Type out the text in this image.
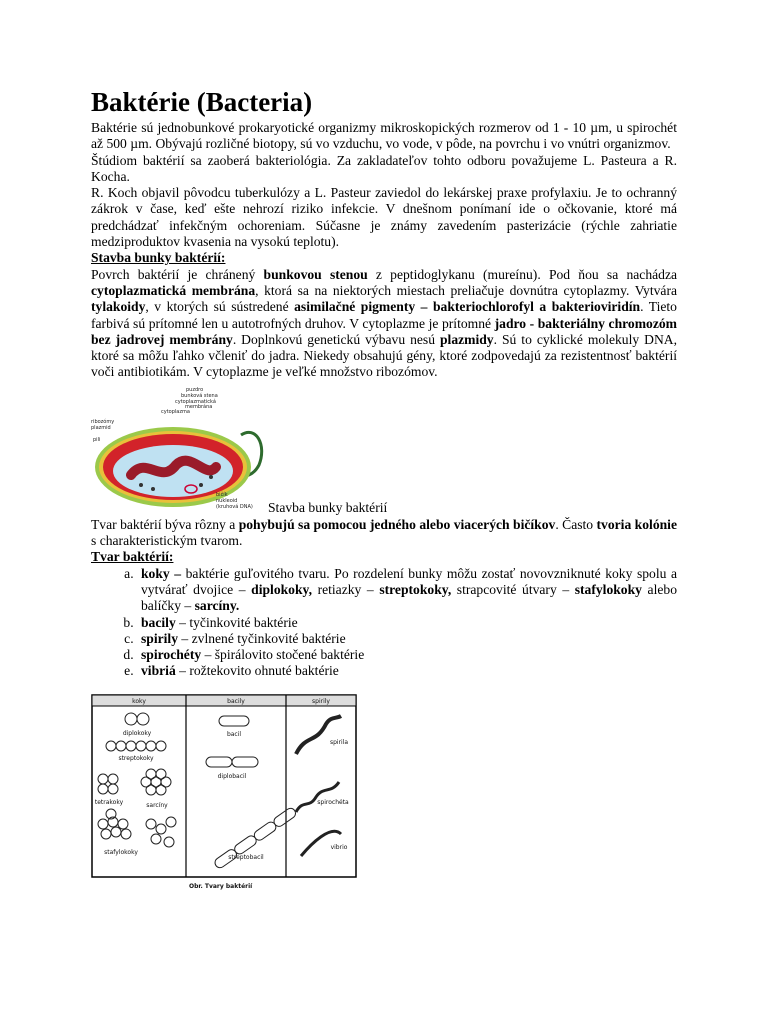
Baktérie (Bacteria)

Baktérie sú jednobunkové prokaryotické organizmy mikroskopických rozmerov od 1 - 10 µm, u spirochét až 500 µm. Obývajú rozličné biotopy, sú vo vzduchu, vo vode, v pôde, na povrchu i vo vnútri organizmov.

Štúdiom baktérií sa zaoberá bakteriológia. Za zakladateľov tohto odboru považujeme L. Pasteura a R. Kocha.

R. Koch objavil pôvodcu tuberkulózy a L. Pasteur zaviedol do lekárskej praxe profylaxiu. Je to ochranný zákrok v čase, keď ešte nehrozí riziko infekcie. V dnešnom ponímaní ide o očkovanie, ktoré má predchádzať infekčným ochoreniam. Súčasne je známy zavedením pasterizácie (rýchle zahriatie medziproduktov kvasenia na vysokú teplotu).

Stavba bunky baktérií:

Povrch baktérií je chránený bunkovou stenou z peptidoglykanu (mureínu). Pod ňou sa nachádza cytoplazmatická membrána, ktorá sa na niektorých miestach preliačuje dovnútra cytoplazmy. Vytvára tylakoidy, v ktorých sú sústredené asimilačné pigmenty – bakteriochlorofyl a bakterioviridín. Tieto farbivá sú prítomné len u autotrofných druhov. V cytoplazme je prítomné jadro - bakteriálny chromozóm bez jadrovej membrány. Doplnkovú genetickú výbavu nesú plazmidy. Sú to cyklické molekuly DNA, ktoré sa môžu ľahko včleniť do jadra. Niekedy obsahujú gény, ktoré zodpovedajú za rezistentnosť baktérií voči antibiotikám. V cytoplazme je veľké množstvo ribozómov.

puzdro
bunková stena
cytoplazmatická
membrána
cytoplazma
ribozómy
plazmid
pili
bičík
nukleoid
(kruhová DNA) Stavba bunky baktérií

Tvar baktérií býva rôzny a pohybujú sa pomocou jedného alebo viacerých bičíkov. Často tvoria kolónie s charakteristickým tvarom.

Tvar baktérií:

a. koky – baktérie guľovitého tvaru. Po rozdelení bunky môžu zostať novovzniknuté koky spolu a vytvárať dvojice – diplokoky, retiazky – streptokoky, strapcovité útvary – stafylokoky alebo balíčky – sarcíny.
b. bacily – tyčinkovité baktérie
c. spirily – zvlnené tyčinkovité baktérie
d. spirochéty – špirálovito stočené baktérie
e. vibriá – rožtekovito ohnuté baktérie
koky	bacily	spirily
diplokoky
streptokoky
tetrakoky	sarcíny
stafylokoky
bacil
diplobacil
streptobacil
spirila
spirochéta
vibrio
Obr. Tvary baktérií
